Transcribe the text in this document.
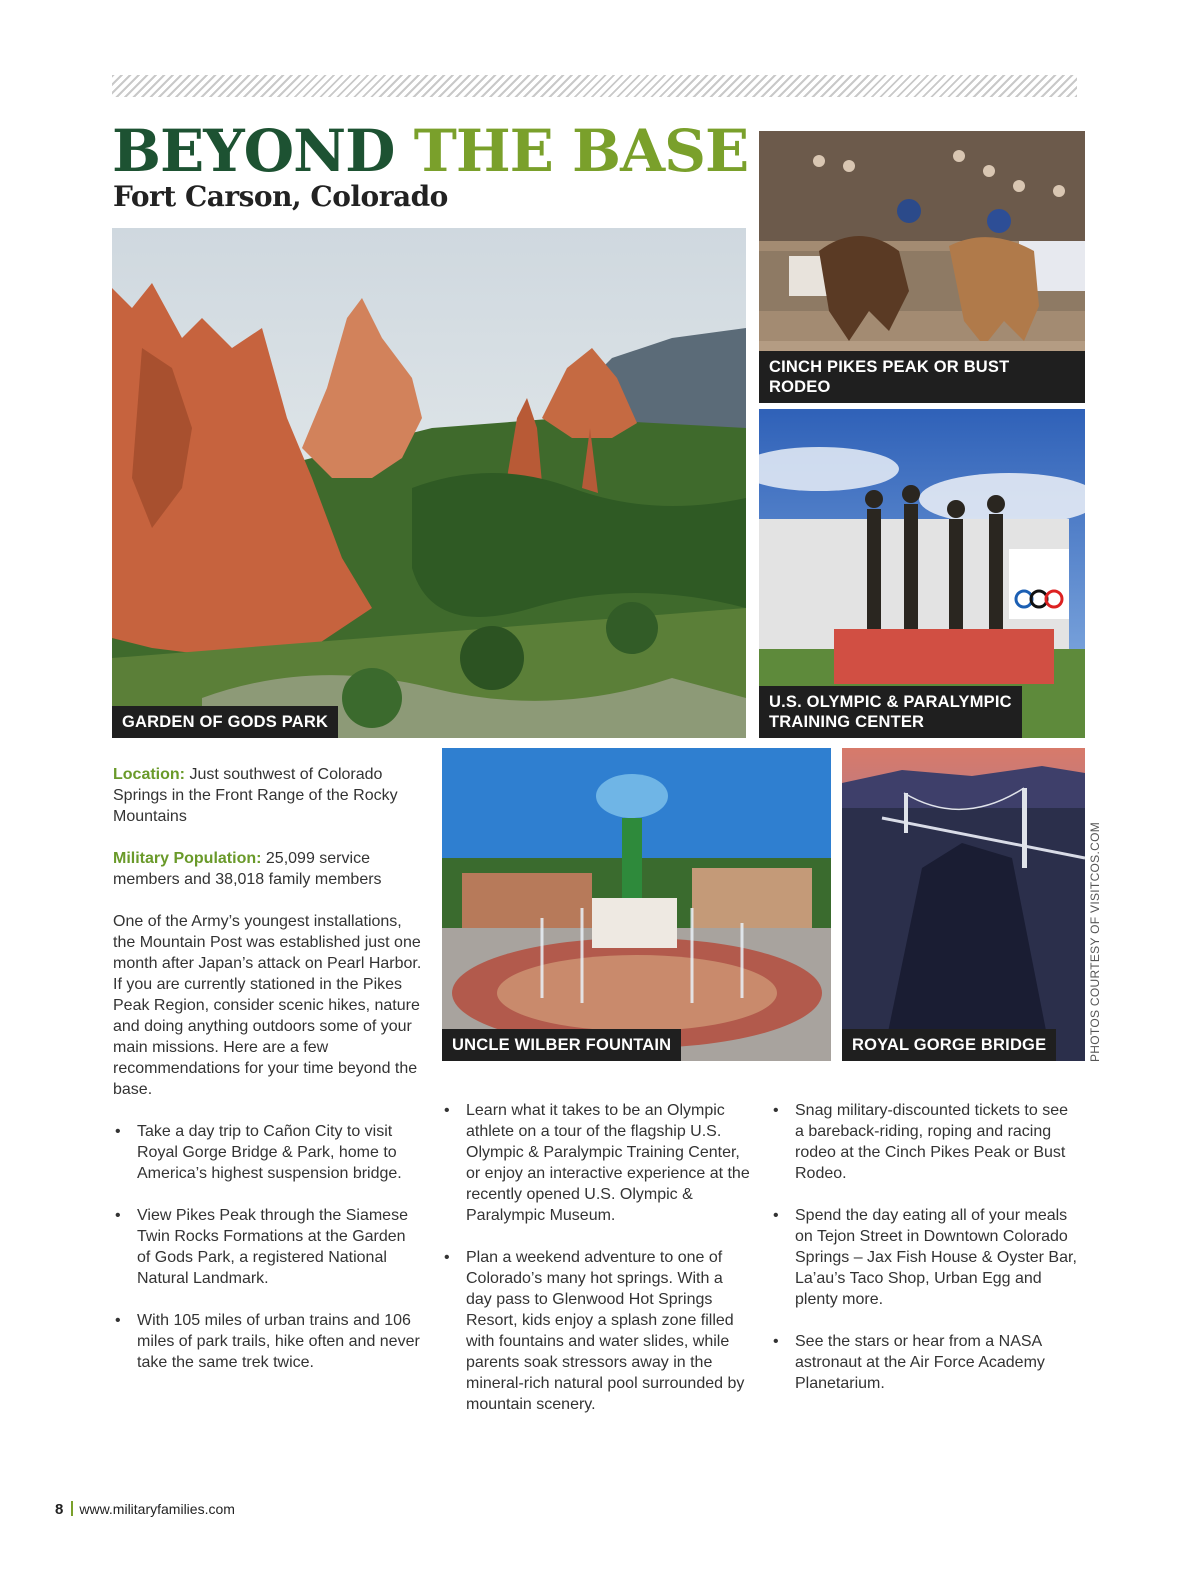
BEYOND THE BASE
Fort Carson, Colorado
GARDEN OF GODS PARK
CINCH PIKES PEAK OR BUST RODEO
U.S. OLYMPIC & PARALYMPIC
TRAINING CENTER
UNCLE WILBER FOUNTAIN	ROYAL GORGE BRIDGE	PHOTOS COURTESY OF VISITCOS.COM

Location: Just southwest of Colorado Springs in the Front Range of the Rocky Mountains

Military Population: 25,099 service members and 38,018 family members

One of the Army’s youngest installations, the Mountain Post was established just one month after Japan’s attack on Pearl Harbor. If you are currently stationed in the Pikes Peak Region, consider scenic hikes, nature and doing anything outdoors some of your main missions. Here are a few recommendations for your time beyond the base.

• Take a day trip to Cañon City to visit Royal Gorge Bridge & Park, home to America’s highest suspension bridge.
• View Pikes Peak through the Siamese Twin Rocks Formations at the Garden of Gods Park, a registered National Natural Landmark.
• With 105 miles of urban trains and 106 miles of park trails, hike often and never take the same trek twice.
• Learn what it takes to be an Olympic athlete on a tour of the flagship U.S. Olympic & Paralympic Training Center, or enjoy an interactive experience at the recently opened U.S. Olympic & Paralympic Museum.
• Plan a weekend adventure to one of Colorado’s many hot springs. With a day pass to Glenwood Hot Springs Resort, kids enjoy a splash zone filled with fountains and water slides, while parents soak stressors away in the mineral-rich natural pool surrounded by mountain scenery.
• Snag military-discounted tickets to see a bareback-riding, roping and racing rodeo at the Cinch Pikes Peak or Bust Rodeo.
• Spend the day eating all of your meals on Tejon Street in Downtown Colorado Springs – Jax Fish House & Oyster Bar, La’au’s Taco Shop, Urban Egg and plenty more.
• See the stars or hear from a NASA astronaut at the Air Force Academy Planetarium.
8 www.militaryfamilies.com
